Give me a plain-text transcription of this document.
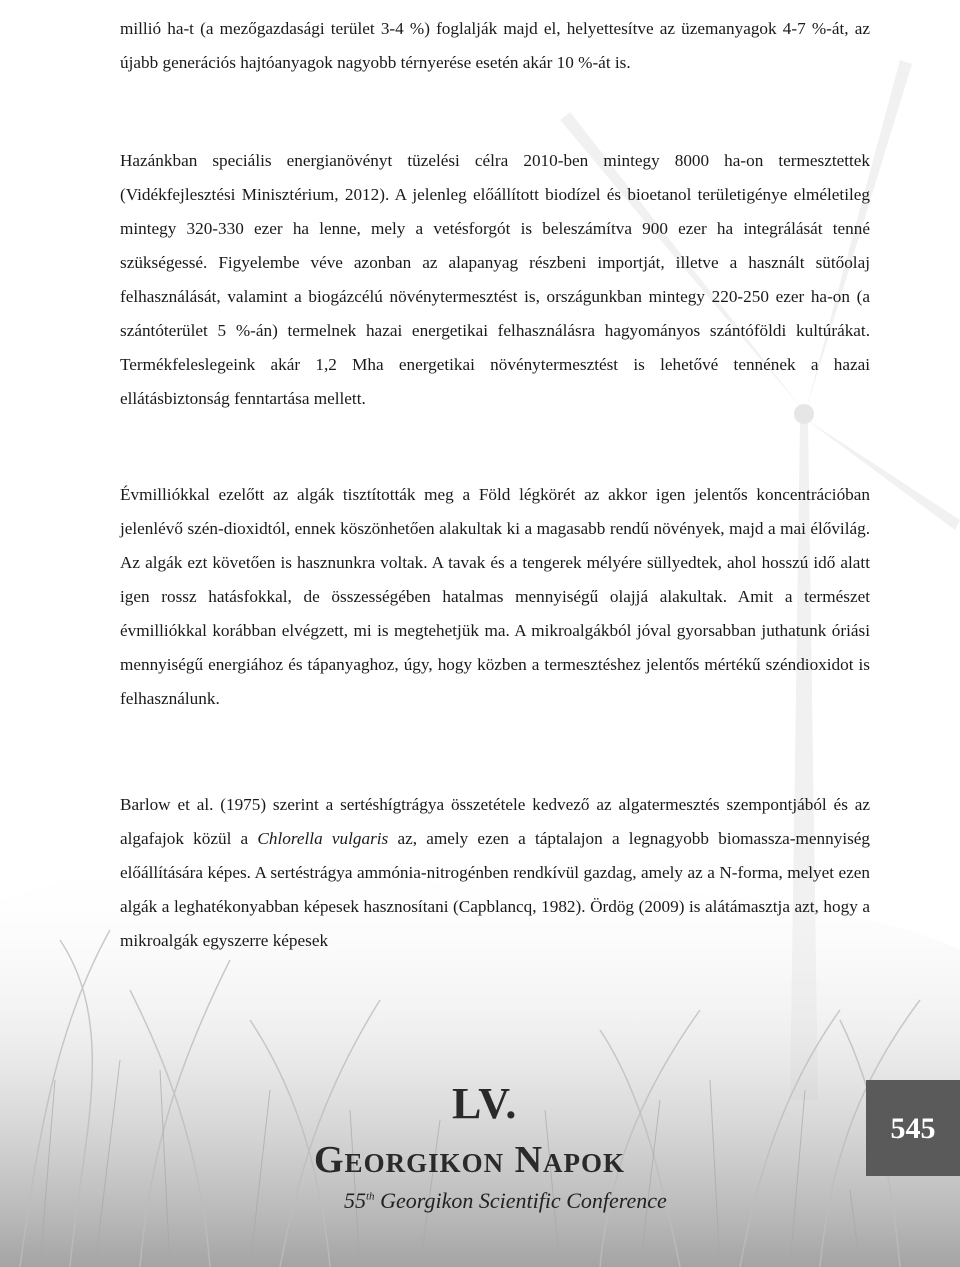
millió ha-t (a mezőgazdasági terület 3-4 %) foglalják majd el, helyettesítve az üzemanyagok 4-7 %-át, az újabb generációs hajtóanyagok nagyobb térnyerése esetén akár 10 %-át is.

Hazánkban speciális energianövényt tüzelési célra 2010-ben mintegy 8000 ha-on termesztettek (Vidékfejlesztési Minisztérium, 2012). A jelenleg előállított biodízel és bioetanol területigénye elméletileg mintegy 320-330 ezer ha lenne, mely a vetésforgót is beleszámítva 900 ezer ha integrálását tenné szükségessé. Figyelembe véve azonban az alapanyag részbeni importját, illetve a használt sütőolaj felhasználását, valamint a biogázcélú növénytermesztést is, országunkban mintegy 220-250 ezer ha-on (a szántóterület 5 %-án) termelnek hazai energetikai felhasználásra hagyományos szántóföldi kultúrákat. Termékfeleslegeink akár 1,2 Mha energetikai növénytermesztést is lehetővé tennének a hazai ellátásbiztonság fenntartása mellett.

Évmilliókkal ezelőtt az algák tisztították meg a Föld légkörét az akkor igen jelentős koncentrációban jelenlévő szén-dioxidtól, ennek köszönhetően alakultak ki a magasabb rendű növények, majd a mai élővilág. Az algák ezt követően is hasznunkra voltak. A tavak és a tengerek mélyére süllyedtek, ahol hosszú idő alatt igen rossz hatásfokkal, de összességében hatalmas mennyiségű olajjá alakultak. Amit a természet évmilliókkal korábban elvégzett, mi is megtehetjük ma. A mikroalgákból jóval gyorsabban juthatunk óriási mennyiségű energiához és tápanyaghoz, úgy, hogy közben a termesztéshez jelentős mértékű széndioxidot is felhasználunk.

Barlow et al. (1975) szerint a sertéshígtrágya összetétele kedvező az algatermesztés szempontjából és az algafajok közül a Chlorella vulgaris az, amely ezen a táptalajon a legnagyobb biomassza-mennyiség előállítására képes. A sertéstrágya ammónia-nitrogénben rendkívül gazdag, amely az a N-forma, melyet ezen algák a leghatékonyabban képesek hasznosítani (Capblancq, 1982). Ördög (2009) is alátámasztja azt, hogy a mikroalgák egyszerre képesek

LV.
Georgikon Napok
55th Georgikon Scientific Conference
545
